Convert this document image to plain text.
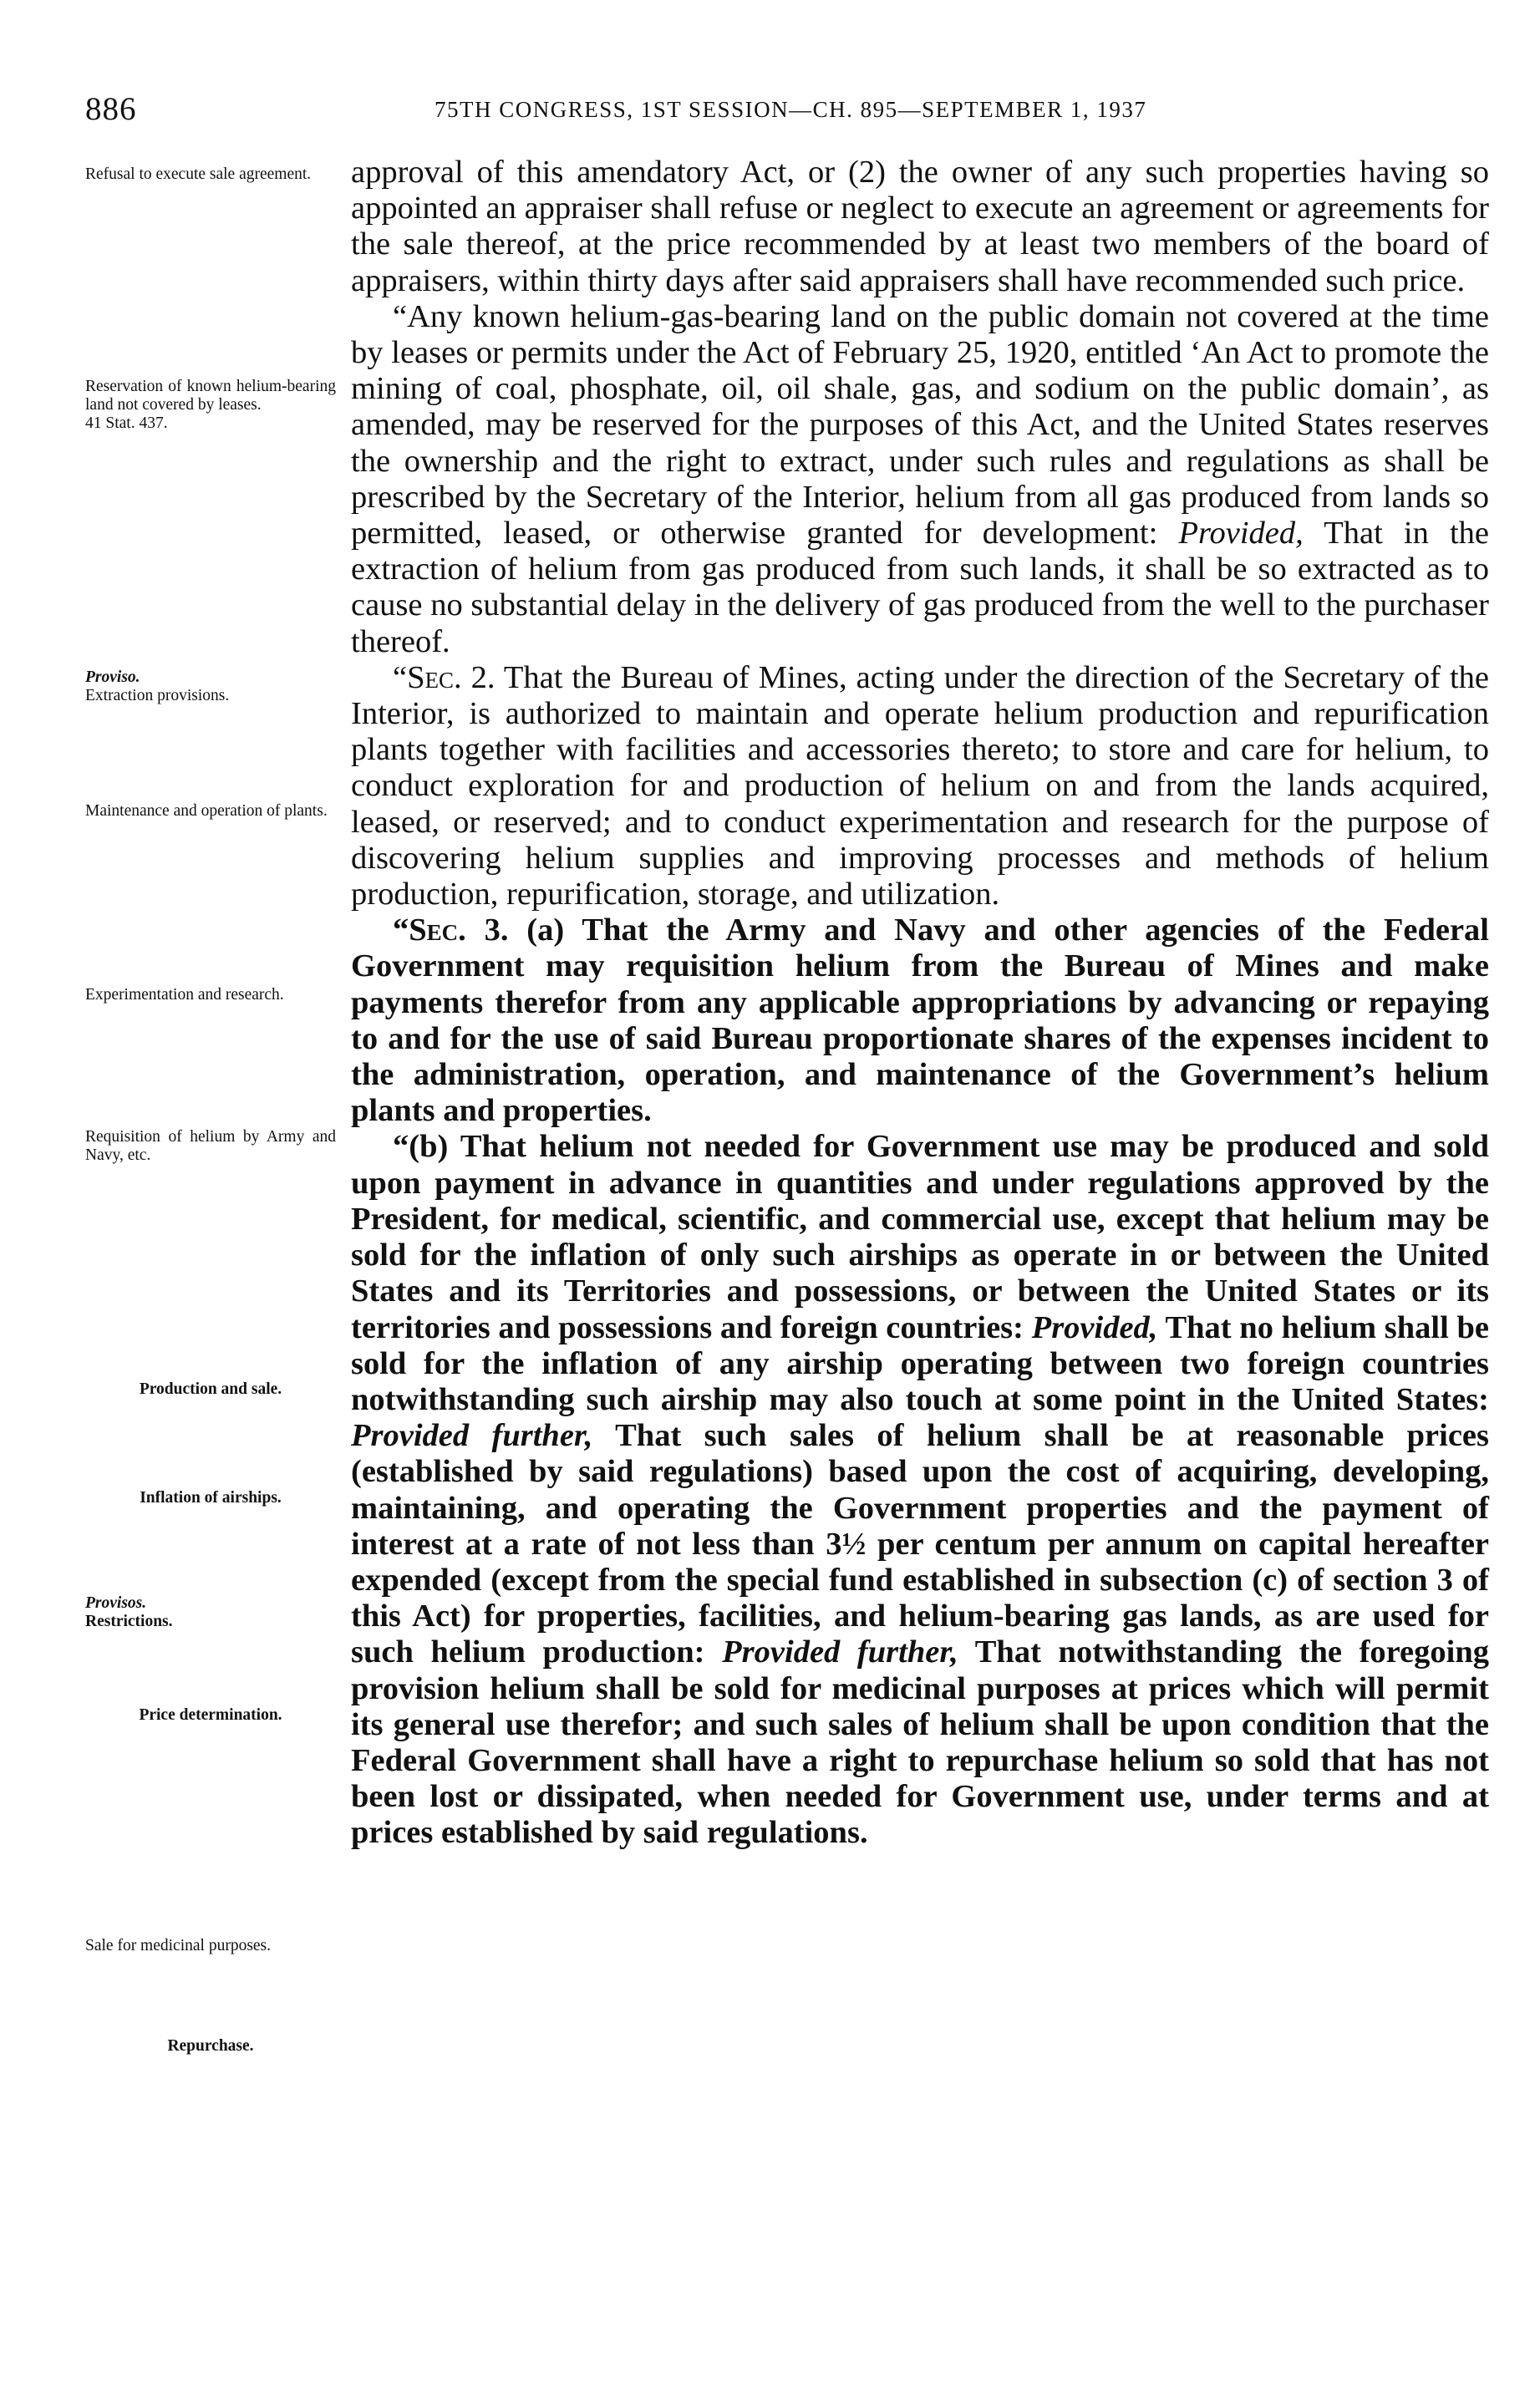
886	75TH CONGRESS, 1ST SESSION—CH. 895—SEPTEMBER 1, 1937
Refusal to execute sale agreement.
Reservation of known helium-bearing land not covered by leases.
41 Stat. 437.
Proviso.
Extraction provisions.
Maintenance and operation of plants.
Experimentation and research.
Requisition of helium by Army and Navy, etc.
Production and sale.
Inflation of airships.
Provisos.
Restrictions.
Price determination.
Sale for medicinal purposes.
Repurchase.

approval of this amendatory Act, or (2) the owner of any such properties having so appointed an appraiser shall refuse or neglect to execute an agreement or agreements for the sale thereof, at the price recommended by at least two members of the board of appraisers, within thirty days after said appraisers shall have recommended such price.

“Any known helium-gas-bearing land on the public domain not covered at the time by leases or permits under the Act of February 25, 1920, entitled ‘An Act to promote the mining of coal, phosphate, oil, oil shale, gas, and sodium on the public domain’, as amended, may be reserved for the purposes of this Act, and the United States reserves the ownership and the right to extract, under such rules and regulations as shall be prescribed by the Secretary of the Interior, helium from all gas produced from lands so permitted, leased, or otherwise granted for development: Provided, That in the extraction of helium from gas produced from such lands, it shall be so extracted as to cause no substantial delay in the delivery of gas produced from the well to the purchaser thereof.

“Sec. 2. That the Bureau of Mines, acting under the direction of the Secretary of the Interior, is authorized to maintain and operate helium production and repurification plants together with facilities and accessories thereto; to store and care for helium, to conduct exploration for and production of helium on and from the lands acquired, leased, or reserved; and to conduct experimentation and research for the purpose of discovering helium supplies and improving processes and methods of helium production, repurification, storage, and utilization.

“Sec. 3. (a) That the Army and Navy and other agencies of the Federal Government may requisition helium from the Bureau of Mines and make payments therefor from any applicable appropriations by advancing or repaying to and for the use of said Bureau proportionate shares of the expenses incident to the administration, operation, and maintenance of the Government’s helium plants and properties.

“(b) That helium not needed for Government use may be produced and sold upon payment in advance in quantities and under regulations approved by the President, for medical, scientific, and commercial use, except that helium may be sold for the inflation of only such airships as operate in or between the United States and its Territories and possessions, or between the United States or its territories and possessions and foreign countries: Provided, That no helium shall be sold for the inflation of any airship operating between two foreign countries notwithstanding such airship may also touch at some point in the United States: Provided further, That such sales of helium shall be at reasonable prices (established by said regulations) based upon the cost of acquiring, developing, maintaining, and operating the Government properties and the payment of interest at a rate of not less than 3½ per centum per annum on capital hereafter expended (except from the special fund established in subsection (c) of section 3 of this Act) for properties, facilities, and helium-bearing gas lands, as are used for such helium production: Provided further, That notwithstanding the foregoing provision helium shall be sold for medicinal purposes at prices which will permit its general use therefor; and such sales of helium shall be upon condition that the Federal Government shall have a right to repurchase helium so sold that has not been lost or dissipated, when needed for Government use, under terms and at prices established by said regulations.
